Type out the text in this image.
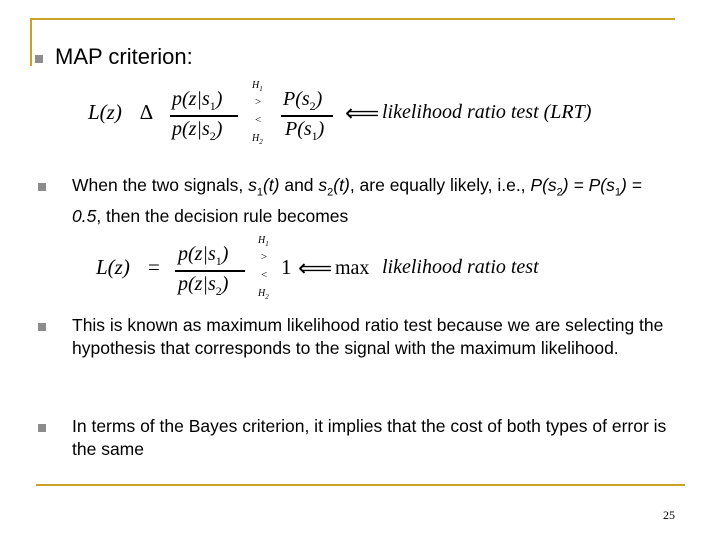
MAP criterion:
L(z) ∆
$p(z|s_1)$
$p(z|s_2)$
$H_1$
>
<
$H_2$
$P(s_2)$
$P(s_1)$
⟸ likelihood ratio test (LRT)
When the two signals, $s_1(t)$ and $s_2(t)$, are equally likely, i.e., $P(s_2) = P(s_1) = 0.5$, then the decision rule becomes
L(z) =
$p(z|s_1)$
$p(z|s_2)$
$H_1$
>
<
$H_2$
1 ⟸ max likelihood ratio test
This is known as maximum likelihood ratio test because we are selecting the hypothesis that corresponds to the signal with the maximum likelihood.
In terms of the Bayes criterion, it implies that the cost of both types of error is the same
25
